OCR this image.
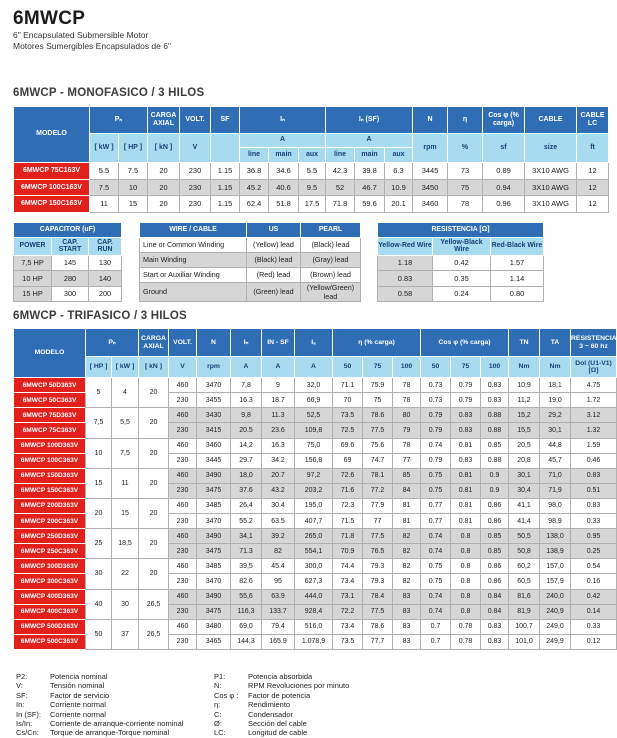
6MWCP
6" Encapsulated Submersible Motor
Motores Sumergibles Encapsulados de 6"
6MWCP - MONOFASICO / 3 HILOS
MODELO	Pₙ		CARGA AXIAL	VOLT.	SF	Iₙ			Iₙ (SF)			N	η	Cos φ (% carga)	CABLE	CABLE LC
	[ kW ]	[ HP ]	[ kN ]	V		A			A			rpm	%	sf	size	ft
						line	main	aux	line	main	aux					
6MWCP 75C163V	5.5	7.5	20	230	1.15	36.8	34.6	5.5	42.3	39.8	6.3	3445	73	0.89	3X10 AWG	12
6MWCP 100C163V	7.5	10	20	230	1.15	45.2	40.6	9.5	52	46.7	10.9	3450	75	0.94	3X10 AWG	12
6MWCP 150C163V	11	15	20	230	1.15	62.4	51.8	17.5	71.8	59.6	20.1	3460	78	0.96	3X10 AWG	12
CAPACITOR (uF)		
POWER	CAP. START	CAP. RUN
7,5 HP	145	130
10 HP	280	140
15 HP	300	200
WIRE / CABLE	US	PEARL
Line or Common Winding	(Yellow) lead	(Black) lead
Main Winding	(Black) lead	(Gray) lead
Start or Auxiliar Winding	(Red) lead	(Brown) lead
Ground	(Green) lead	(Yellow/Green) lead
RESISTENCIA [Ω]		
Yellow-Red Wire	Yellow-Black Wire	Red-Black Wire
1.18	0.42	1.57
0.83	0.35	1.14
0.58	0.24	0.80
6MWCP - TRIFASICO / 3 HILOS
MODELO	Pₙ		CARGA AXIAL	VOLT.	N	Iₙ	IN - SF	Iₐ	η (% carga)			Cos φ (% carga)			TN	TA	RESISTENCIA 3 ~ 60 hz
	[ HP ]	[ kW ]	[ kN ]	V	rpm	A	A	A	50	75	100	50	75	100	Nm	Nm	Dol (U1-V1) [Ω]
6MWCP 50D363V	5	4	20	460	3470	7,8	9	32,0	71.1	75.9	78	0.73	0.79	0.83	10,9	18,1	4.75
6MWCP 50C363V				230	3455	16.3	18.7	66,9	70	75	78	0.73	0.79	0.83	11,2	19,0	1.72
6MWCP 75D363V	7,5	5,5	20	460	3430	9,8	11.3	52,5	73.5	78.6	80	0.79	0.83	0.88	15,2	29,2	3.12
6MWCP 75C363V				230	3415	20.5	23.6	109,8	72.5	77.5	79	0.79	0.83	0.88	15,5	30,1	1.32
6MWCP 100D363V	10	7,5	20	460	3460	14,2	16.3	75,0	69.6	75.6	78	0.74	0.81	0.85	20,5	44,8	1.59
6MWCP 100C363V				230	3445	29.7	34.2	156,8	69	74.7	77	0.79	0.83	0.88	20,8	45,7	0.46
6MWCP 150D363V	15	11	20	460	3490	18,0	20.7	97,2	72.6	78.1	85	0.75	0.81	0.9	30,1	71,0	0.83
6MWCP 150C363V				230	3475	37.6	43.2	203,2	71.6	77.2	84	0.75	0.81	0.9	30,4	71,9	0.51
6MWCP 200D363V	20	15	20	460	3485	26,4	30.4	195,0	72.3	77.9	81	0.77	0.81	0.86	41,1	98,0	0.83
6MWCP 200C363V				230	3470	55.2	63.5	407,7	71.5	77	81	0.77	0.81	0.86	41,4	98,9	0.33
6MWCP 250D363V	25	18,5	20	460	3490	34,1	39.2	265,0	71.8	77.5	82	0.74	0.8	0.85	50,5	138,0	0.95
6MWCP 250C363V				230	3475	71.3	82	554,1	70.9	76.5	82	0.74	0.8	0.85	50,8	138,9	0.25
6MWCP 300D363V	30	22	20	460	3485	39,5	45.4	300,0	74.4	79.3	82	0.75	0.8	0.86	60,2	157,0	0.54
6MWCP 300C363V				230	3470	82.6	95	627,3	73.4	79.3	82	0.75	0.8	0.86	60,5	157,9	0.16
6MWCP 400D363V	40	30	26,5	460	3490	55,6	63.9	444,0	73.1	78.4	83	0.74	0.8	0.84	81,6	240,0	0.42
6MWCP 400C363V				230	3475	116,3	133.7	928,4	72.2	77.5	83	0.74	0.8	0.84	81,9	240,9	0.14
6MWCP 500D363V	50	37	26,5	460	3480	69,0	79.4	516,0	73.4	78.6	83	0.7	0.78	0.83	100,7	249,0	0.33
6MWCP 500C363V				230	3465	144,3	165.9	1.078,9	73.5	77.7	83	0.7	0.78	0.83	101,0	249,9	0.12
P2:	Potencia nominal
V:	Tensión nominal
SF:	Factor de servicio
In:	Corriente normal
In (SF):	Corriente normal
Is/In:	Corriente de arranque-corriente nominal
Cs/Cn:	Torque de arranque-Torque nominal
P1:	Potencia absorbida
N:	RPM Revoluciones por minuto
Cos φ :	Factor de potencia
η:	Rendimiento
C:	Condensador
Ø:	Sección del cable
LC:	Longitud de cable
